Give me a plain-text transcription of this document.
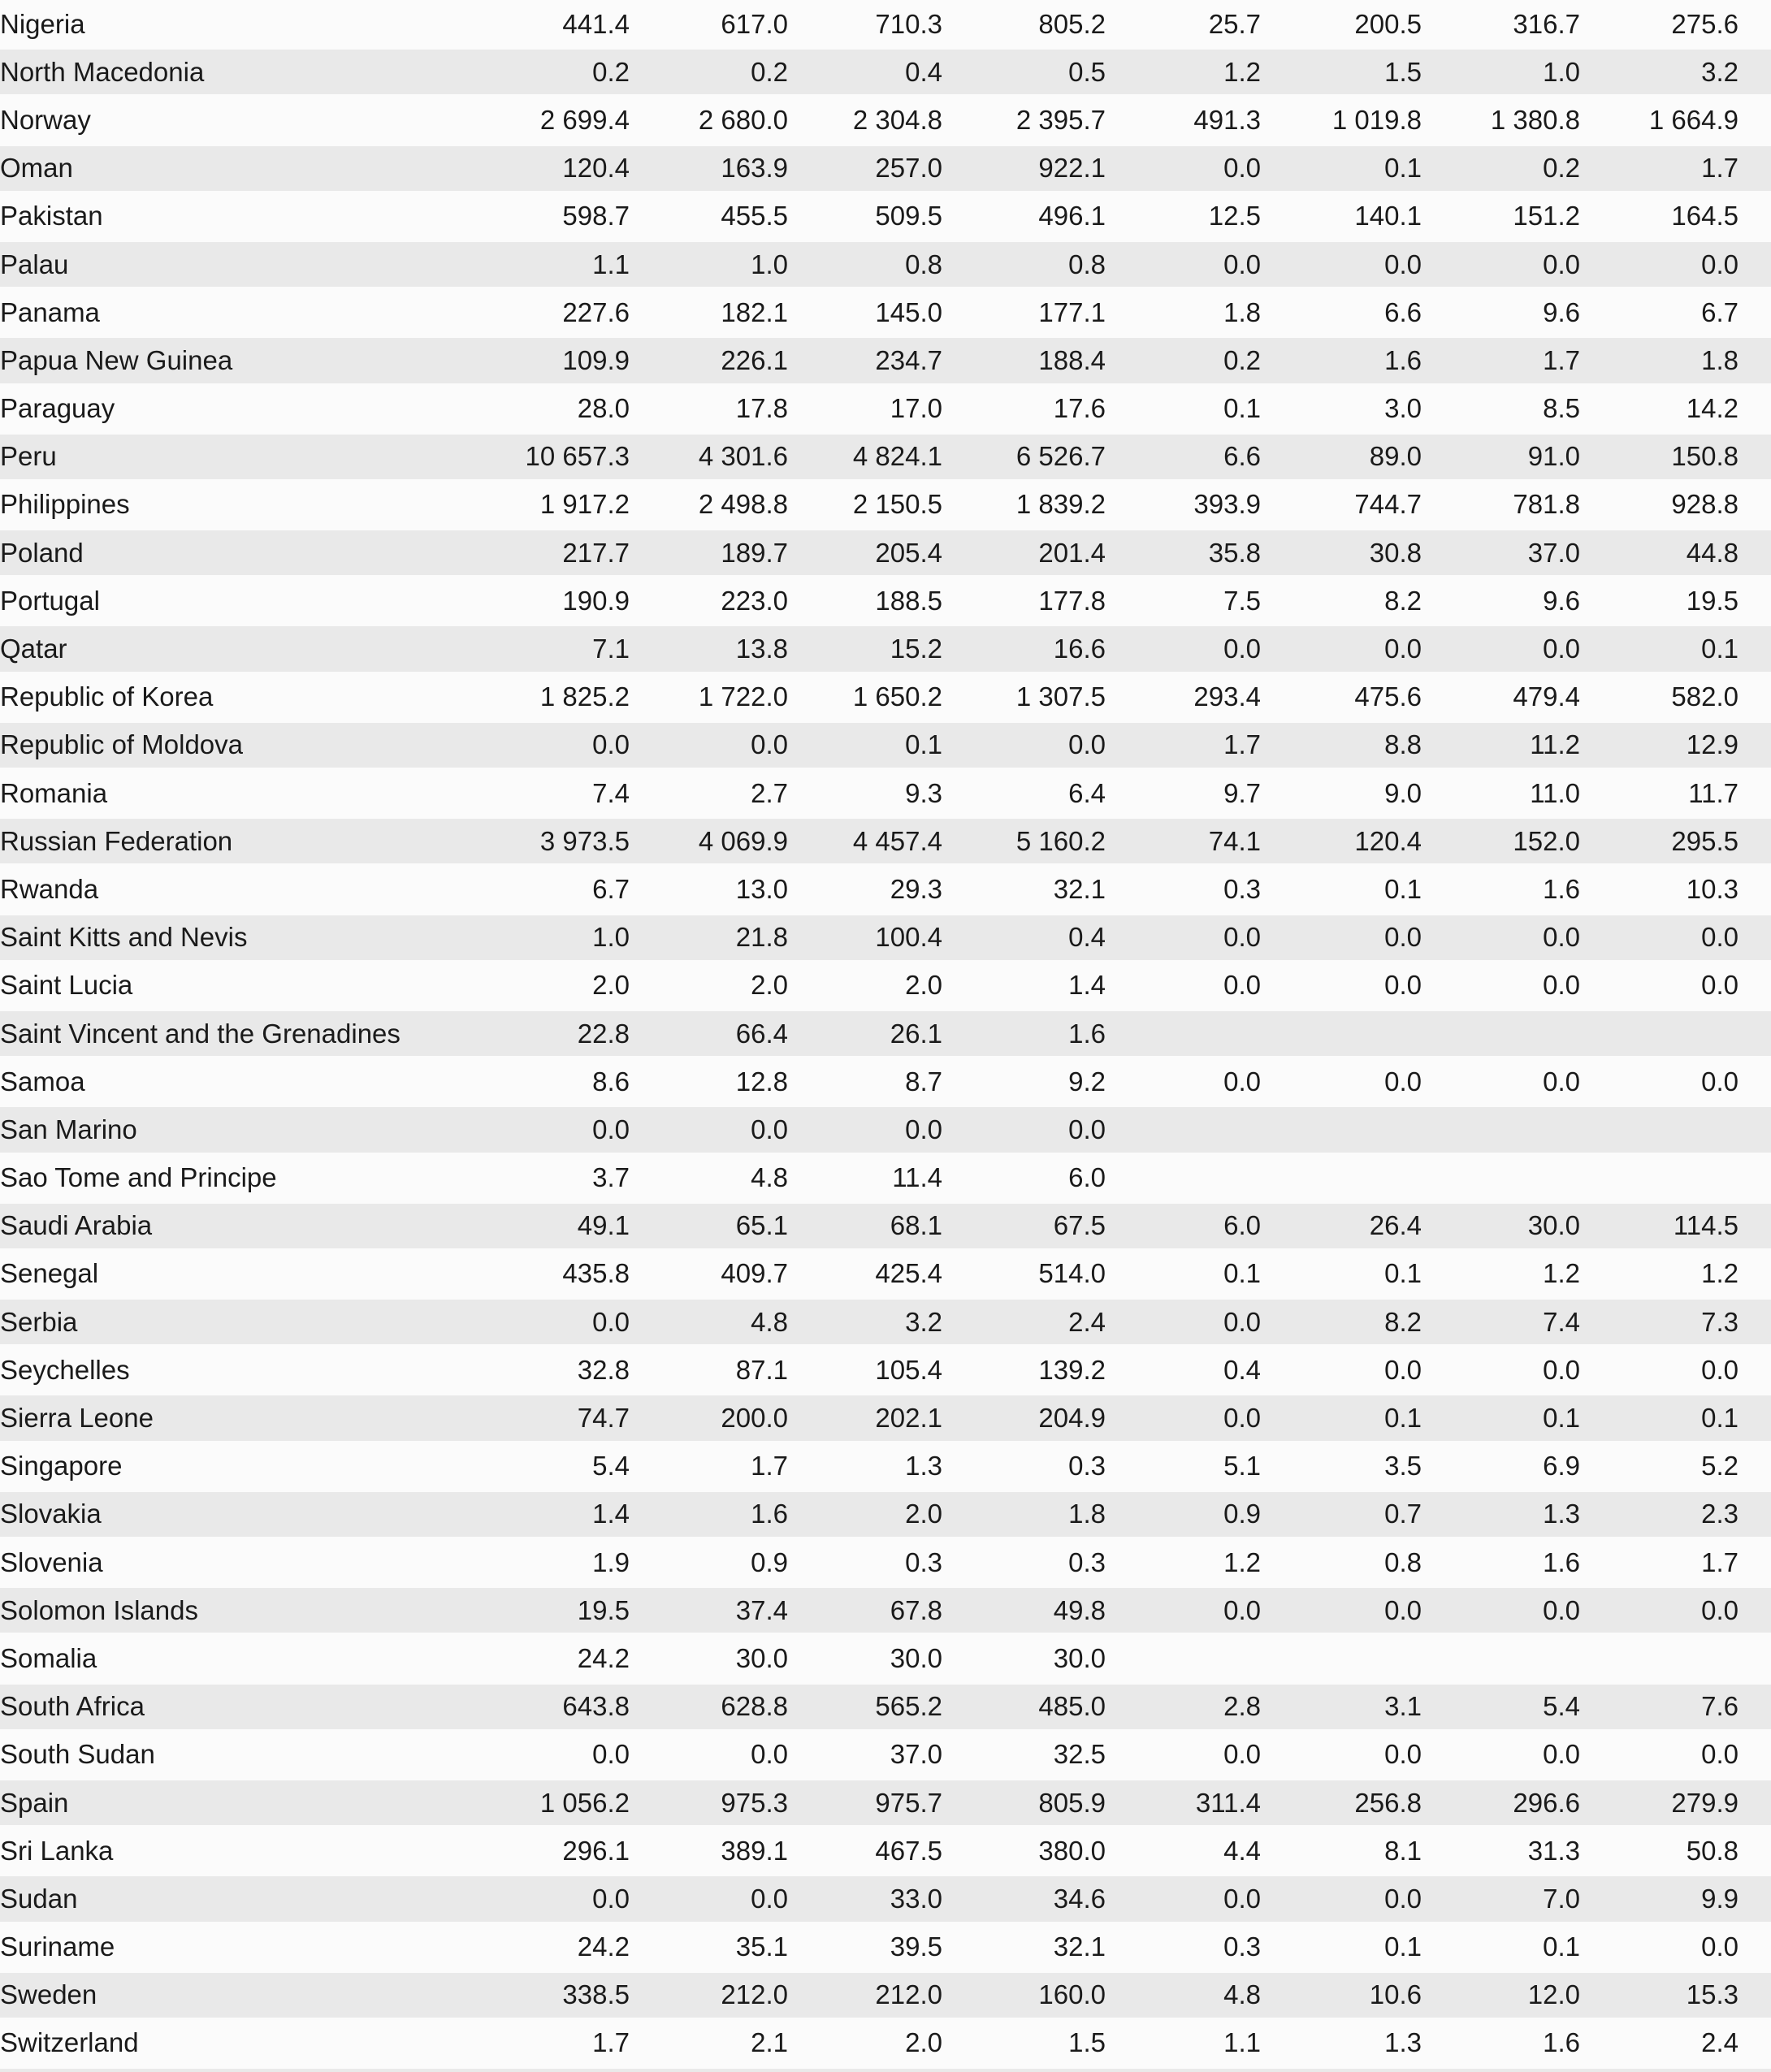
Nigeria	441.4	617.0	710.3	805.2	25.7	200.5	316.7	275.6
North Macedonia	0.2	0.2	0.4	0.5	1.2	1.5	1.0	3.2
Norway	2 699.4	2 680.0	2 304.8	2 395.7	491.3	1 019.8	1 380.8	1 664.9
Oman	120.4	163.9	257.0	922.1	0.0	0.1	0.2	1.7
Pakistan	598.7	455.5	509.5	496.1	12.5	140.1	151.2	164.5
Palau	1.1	1.0	0.8	0.8	0.0	0.0	0.0	0.0
Panama	227.6	182.1	145.0	177.1	1.8	6.6	9.6	6.7
Papua New Guinea	109.9	226.1	234.7	188.4	0.2	1.6	1.7	1.8
Paraguay	28.0	17.8	17.0	17.6	0.1	3.0	8.5	14.2
Peru	10 657.3	4 301.6	4 824.1	6 526.7	6.6	89.0	91.0	150.8
Philippines	1 917.2	2 498.8	2 150.5	1 839.2	393.9	744.7	781.8	928.8
Poland	217.7	189.7	205.4	201.4	35.8	30.8	37.0	44.8
Portugal	190.9	223.0	188.5	177.8	7.5	8.2	9.6	19.5
Qatar	7.1	13.8	15.2	16.6	0.0	0.0	0.0	0.1
Republic of Korea	1 825.2	1 722.0	1 650.2	1 307.5	293.4	475.6	479.4	582.0
Republic of Moldova	0.0	0.0	0.1	0.0	1.7	8.8	11.2	12.9
Romania	7.4	2.7	9.3	6.4	9.7	9.0	11.0	11.7
Russian Federation	3 973.5	4 069.9	4 457.4	5 160.2	74.1	120.4	152.0	295.5
Rwanda	6.7	13.0	29.3	32.1	0.3	0.1	1.6	10.3
Saint Kitts and Nevis	1.0	21.8	100.4	0.4	0.0	0.0	0.0	0.0
Saint Lucia	2.0	2.0	2.0	1.4	0.0	0.0	0.0	0.0
Saint Vincent and the Grenadines	22.8	66.4	26.1	1.6				
Samoa	8.6	12.8	8.7	9.2	0.0	0.0	0.0	0.0
San Marino	0.0	0.0	0.0	0.0				
Sao Tome and Principe	3.7	4.8	11.4	6.0				
Saudi Arabia	49.1	65.1	68.1	67.5	6.0	26.4	30.0	114.5
Senegal	435.8	409.7	425.4	514.0	0.1	0.1	1.2	1.2
Serbia	0.0	4.8	3.2	2.4	0.0	8.2	7.4	7.3
Seychelles	32.8	87.1	105.4	139.2	0.4	0.0	0.0	0.0
Sierra Leone	74.7	200.0	202.1	204.9	0.0	0.1	0.1	0.1
Singapore	5.4	1.7	1.3	0.3	5.1	3.5	6.9	5.2
Slovakia	1.4	1.6	2.0	1.8	0.9	0.7	1.3	2.3
Slovenia	1.9	0.9	0.3	0.3	1.2	0.8	1.6	1.7
Solomon Islands	19.5	37.4	67.8	49.8	0.0	0.0	0.0	0.0
Somalia	24.2	30.0	30.0	30.0				
South Africa	643.8	628.8	565.2	485.0	2.8	3.1	5.4	7.6
South Sudan	0.0	0.0	37.0	32.5	0.0	0.0	0.0	0.0
Spain	1 056.2	975.3	975.7	805.9	311.4	256.8	296.6	279.9
Sri Lanka	296.1	389.1	467.5	380.0	4.4	8.1	31.3	50.8
Sudan	0.0	0.0	33.0	34.6	0.0	0.0	7.0	9.9
Suriname	24.2	35.1	39.5	32.1	0.3	0.1	0.1	0.0
Sweden	338.5	212.0	212.0	160.0	4.8	10.6	12.0	15.3
Switzerland	1.7	2.1	2.0	1.5	1.1	1.3	1.6	2.4
